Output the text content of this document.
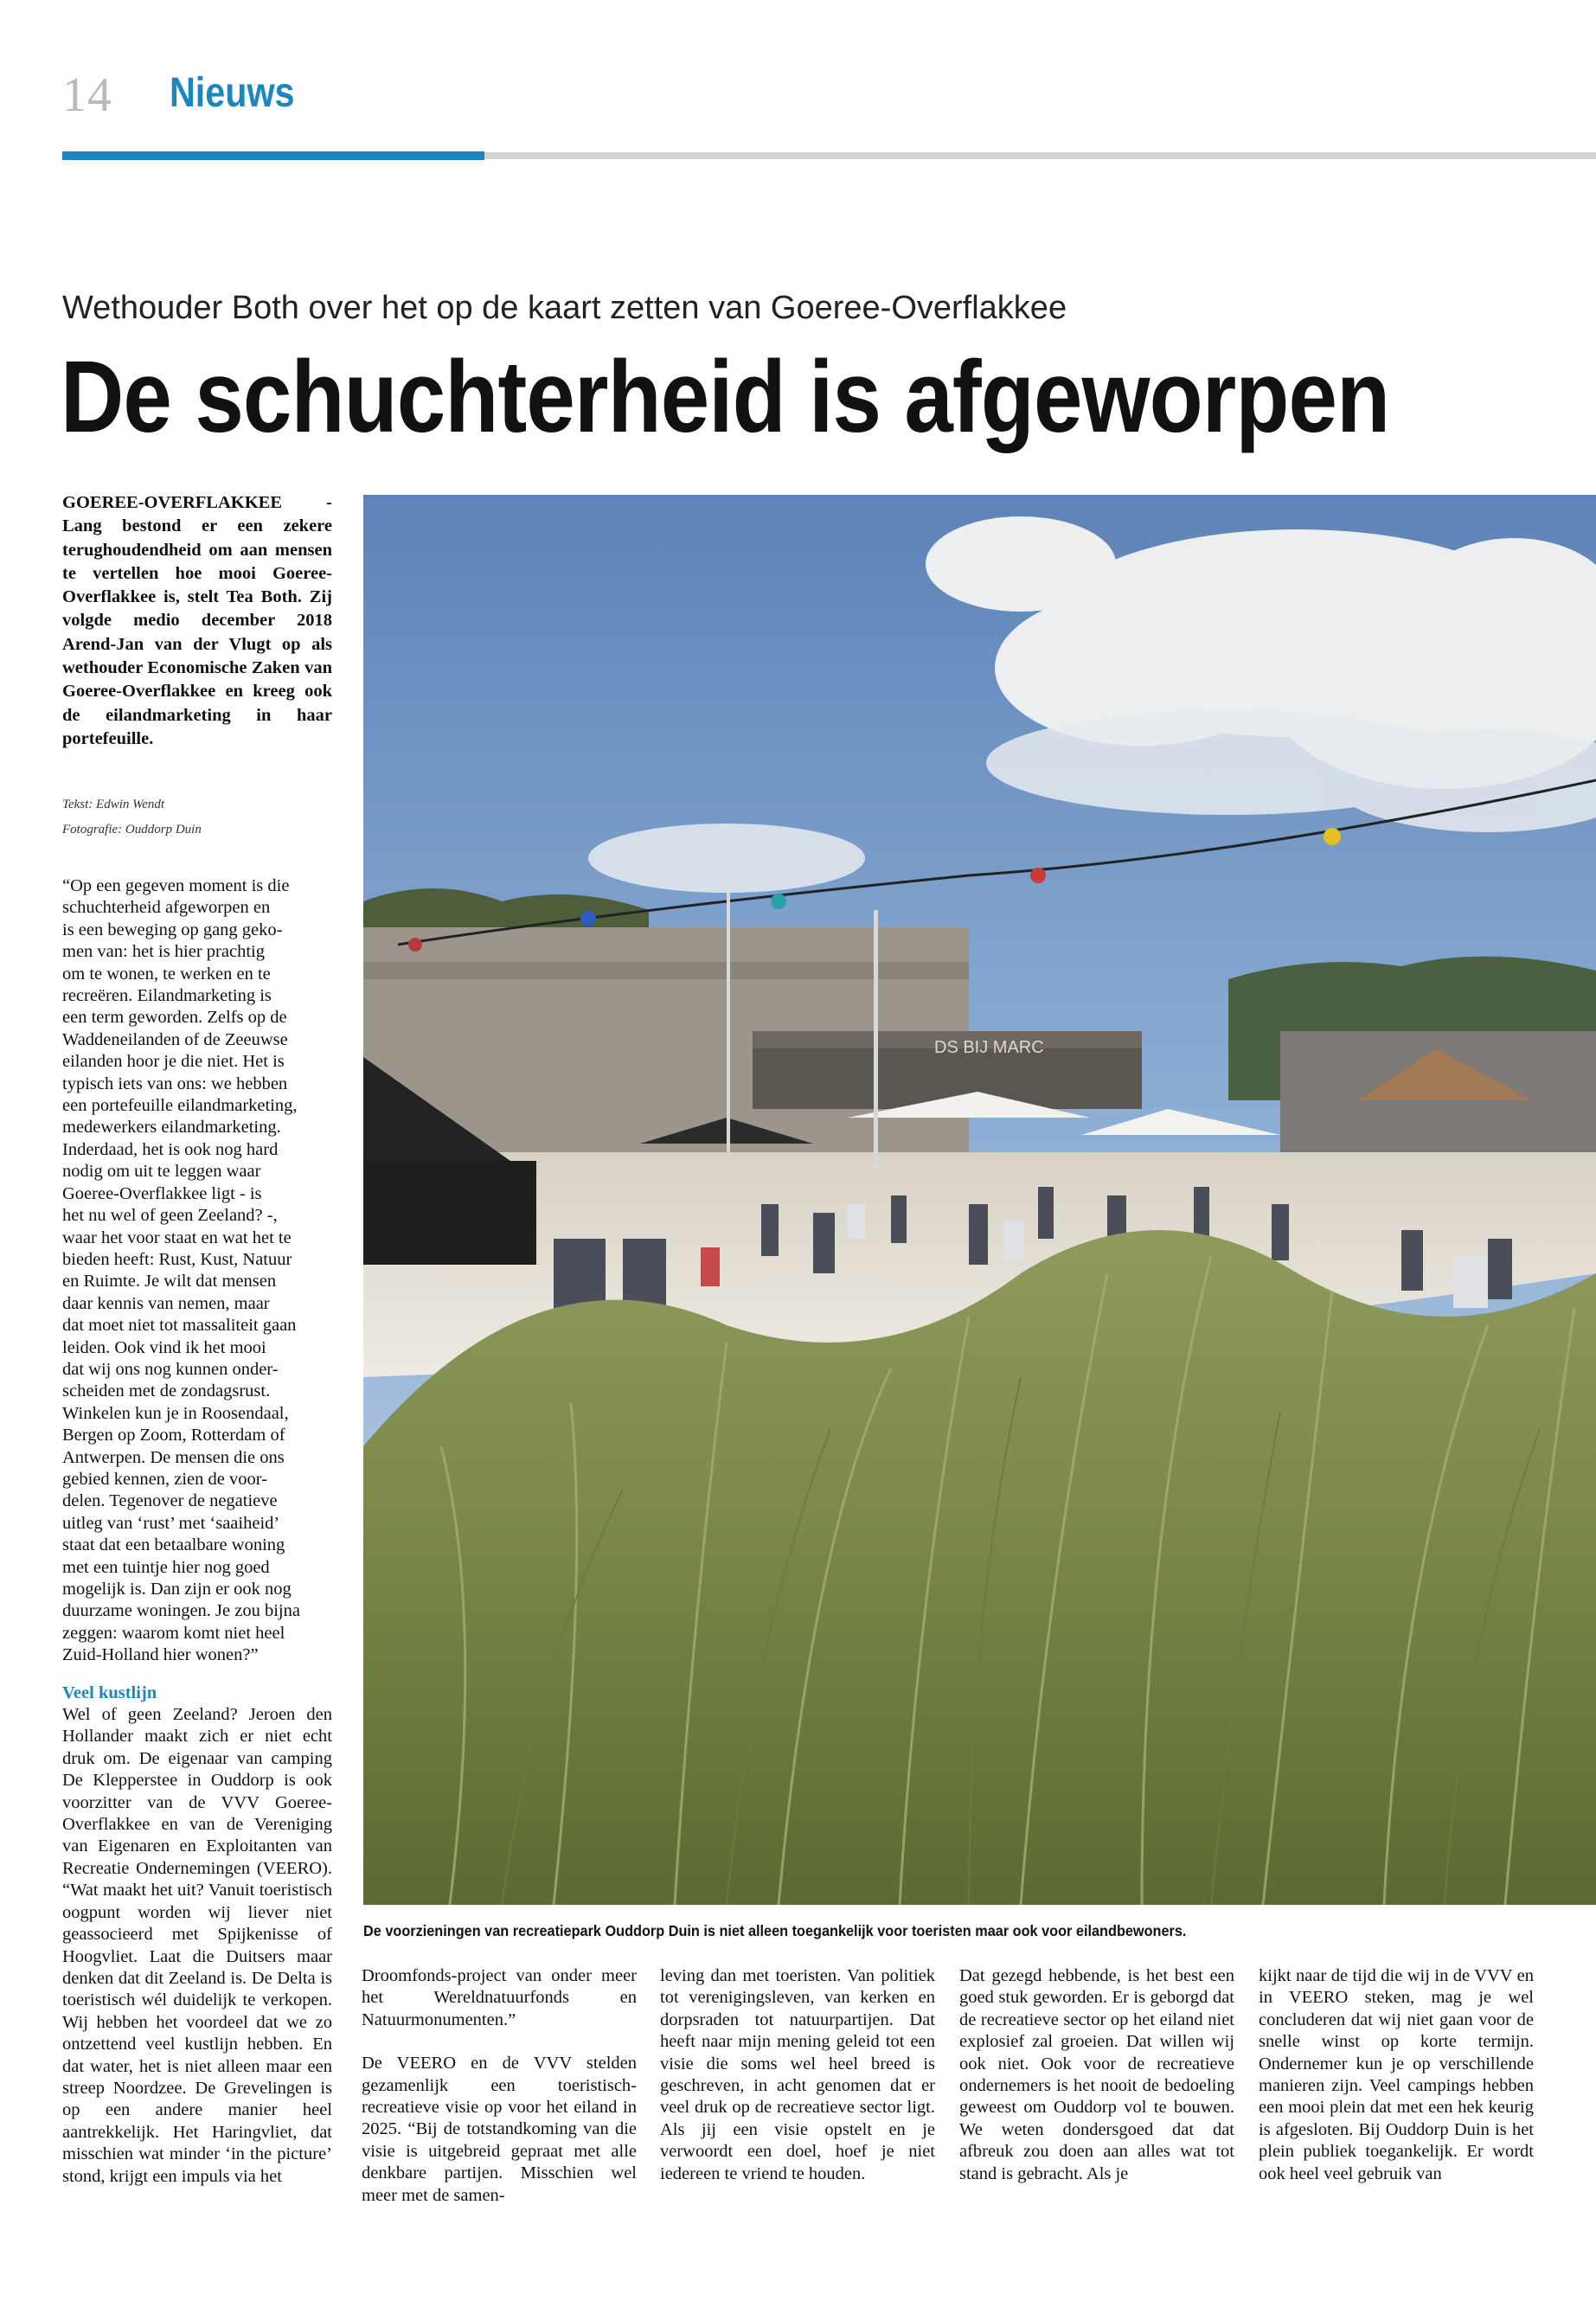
14 Nieuws
Wethouder Both over het op de kaart zetten van Goeree-Overflakkee
De schuchterheid is afgeworpen
GOEREE-OVERFLAKKEE - Lang bestond er een zekere terughoudendheid om aan mensen te vertellen hoe mooi Goeree-Overflakkee is, stelt Tea Both. Zij volgde medio december 2018 Arend-Jan van der Vlugt op als wethouder Economische Zaken van Goeree-Overflakkee en kreeg ook de eilandmarketing in haar portefeuille.
Tekst: Edwin Wendt
Fotografie: Ouddorp Duin
“Op een gegeven moment is die
schuchterheid afgeworpen en
is een beweging op gang geko-
men van: het is hier prachtig
om te wonen, te werken en te
recreëren. Eilandmarketing is
een term geworden. Zelfs op de
Waddeneilanden of de Zeeuwse
eilanden hoor je die niet. Het is
typisch iets van ons: we hebben
een portefeuille eilandmarketing,
medewerkers eilandmarketing.
Inderdaad, het is ook nog hard
nodig om uit te leggen waar
Goeree-Overflakkee ligt - is
het nu wel of geen Zeeland? -,
waar het voor staat en wat het te
bieden heeft: Rust, Kust, Natuur
en Ruimte. Je wilt dat mensen
daar kennis van nemen, maar
dat moet niet tot massaliteit gaan
leiden. Ook vind ik het mooi
dat wij ons nog kunnen onder-
scheiden met de zondagsrust.
Winkelen kun je in Roosendaal,
Bergen op Zoom, Rotterdam of
Antwerpen. De mensen die ons
gebied kennen, zien de voor-
delen. Tegenover de negatieve
uitleg van ‘rust’ met ‘saaiheid’
staat dat een betaalbare woning
met een tuintje hier nog goed
mogelijk is. Dan zijn er ook nog
duurzame woningen. Je zou bijna
zeggen: waarom komt niet heel
Zuid-Holland hier wonen?”

Veel kustlijn

Wel of geen Zeeland? Jeroen den Hollander maakt zich er niet echt druk om. De eigenaar van camping De Klepperstee in Ouddorp is ook voorzitter van de VVV Goeree-Overflakkee en van de Vereniging van Eigenaren en Exploitanten van Recreatie Ondernemingen (VEERO). “Wat maakt het uit? Vanuit toeristisch oogpunt worden wij liever niet geassocieerd met Spijkenisse of Hoogvliet. Laat die Duitsers maar denken dat dit Zeeland is. De Delta is toeristisch wél duidelijk te verkopen. Wij hebben het voordeel dat we zo ontzettend veel kustlijn hebben. En dat water, het is niet alleen maar een streep Noordzee. De Grevelingen is op een andere manier heel aantrekkelijk. Het Haringvliet, dat misschien wat minder ‘in the picture’ stond, krijgt een impuls via het

DS BIJ MARC
De voorzieningen van recreatiepark Ouddorp Duin is niet alleen toegankelijk voor toeristen maar ook voor eilandbewoners.

Droomfonds-project van onder meer het Wereldnatuurfonds en Natuurmonumenten.”

De VEERO en de VVV stelden gezamenlijk een toeristisch-recreatieve visie op voor het eiland in 2025. “Bij de totstandkoming van die visie is uitgebreid gepraat met alle denkbare partijen. Misschien wel meer met de samen-

leving dan met toeristen. Van politiek tot verenigingsleven, van kerken en dorpsraden tot natuurpartijen. Dat heeft naar mijn mening geleid tot een visie die soms wel heel breed is geschreven, in acht genomen dat er veel druk op de recreatieve sector ligt. Als jij een visie opstelt en je verwoordt een doel, hoef je niet iedereen te vriend te houden.

Dat gezegd hebbende, is het best een goed stuk geworden. Er is geborgd dat de recreatieve sector op het eiland niet explosief zal groeien. Dat willen wij ook niet. Ook voor de recreatieve ondernemers is het nooit de bedoeling geweest om Ouddorp vol te bouwen. We weten dondersgoed dat dat afbreuk zou doen aan alles wat tot stand is gebracht. Als je

kijkt naar de tijd die wij in de VVV en in VEERO steken, mag je wel concluderen dat wij niet gaan voor de snelle winst op korte termijn. Ondernemer kun je op verschillende manieren zijn. Veel campings hebben een mooi plein dat met een hek keurig is afgesloten. Bij Ouddorp Duin is het plein publiek toegankelijk. Er wordt ook heel veel gebruik van
